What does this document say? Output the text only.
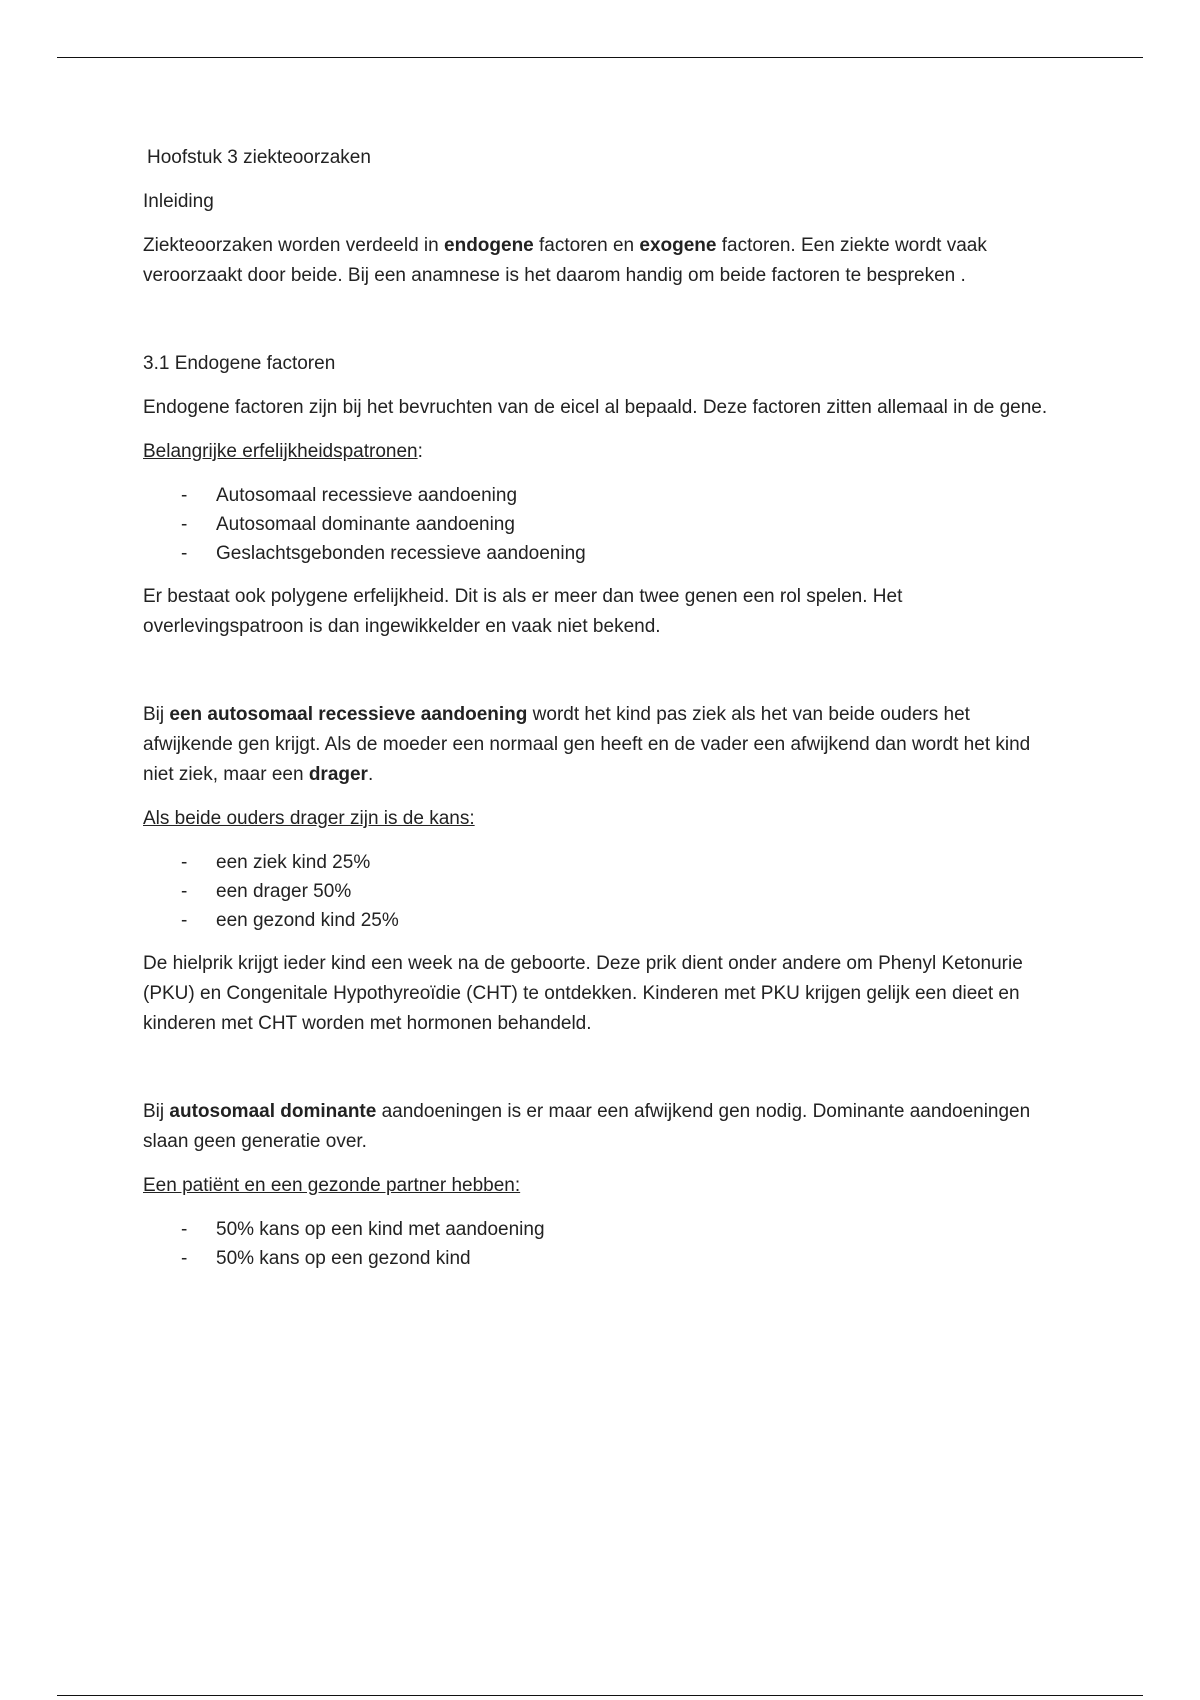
Hoofstuk 3 ziekteoorzaken

Inleiding

Ziekteoorzaken worden verdeeld in endogene factoren en exogene factoren. Een ziekte wordt vaak veroorzaakt door beide. Bij een anamnese is het daarom handig om beide factoren te bespreken .

3.1 Endogene factoren

Endogene factoren zijn bij het bevruchten van de eicel al bepaald. Deze factoren zitten allemaal in de gene.

Belangrijke erfelijkheidspatronen:

- Autosomaal recessieve aandoening
- Autosomaal dominante aandoening
- Geslachtsgebonden recessieve aandoening

Er bestaat ook polygene erfelijkheid. Dit is als er meer dan twee genen een rol spelen. Het overlevingspatroon is dan ingewikkelder en vaak niet bekend.

Bij een autosomaal recessieve aandoening wordt het kind pas ziek als het van beide ouders het afwijkende gen krijgt. Als de moeder een normaal gen heeft en de vader een afwijkend dan wordt het kind niet ziek, maar een drager.

Als beide ouders drager zijn is de kans:

- een ziek kind 25%
- een drager 50%
- een gezond kind 25%

De hielprik krijgt ieder kind een week na de geboorte. Deze prik dient onder andere om Phenyl Ketonurie (PKU) en Congenitale Hypothyreoïdie (CHT) te ontdekken. Kinderen met PKU krijgen gelijk een dieet en kinderen met CHT worden met hormonen behandeld.

Bij autosomaal dominante aandoeningen is er maar een afwijkend gen nodig. Dominante aandoeningen slaan geen generatie over.

Een patiënt en een gezonde partner hebben:

- 50% kans op een kind met aandoening
- 50% kans op een gezond kind
